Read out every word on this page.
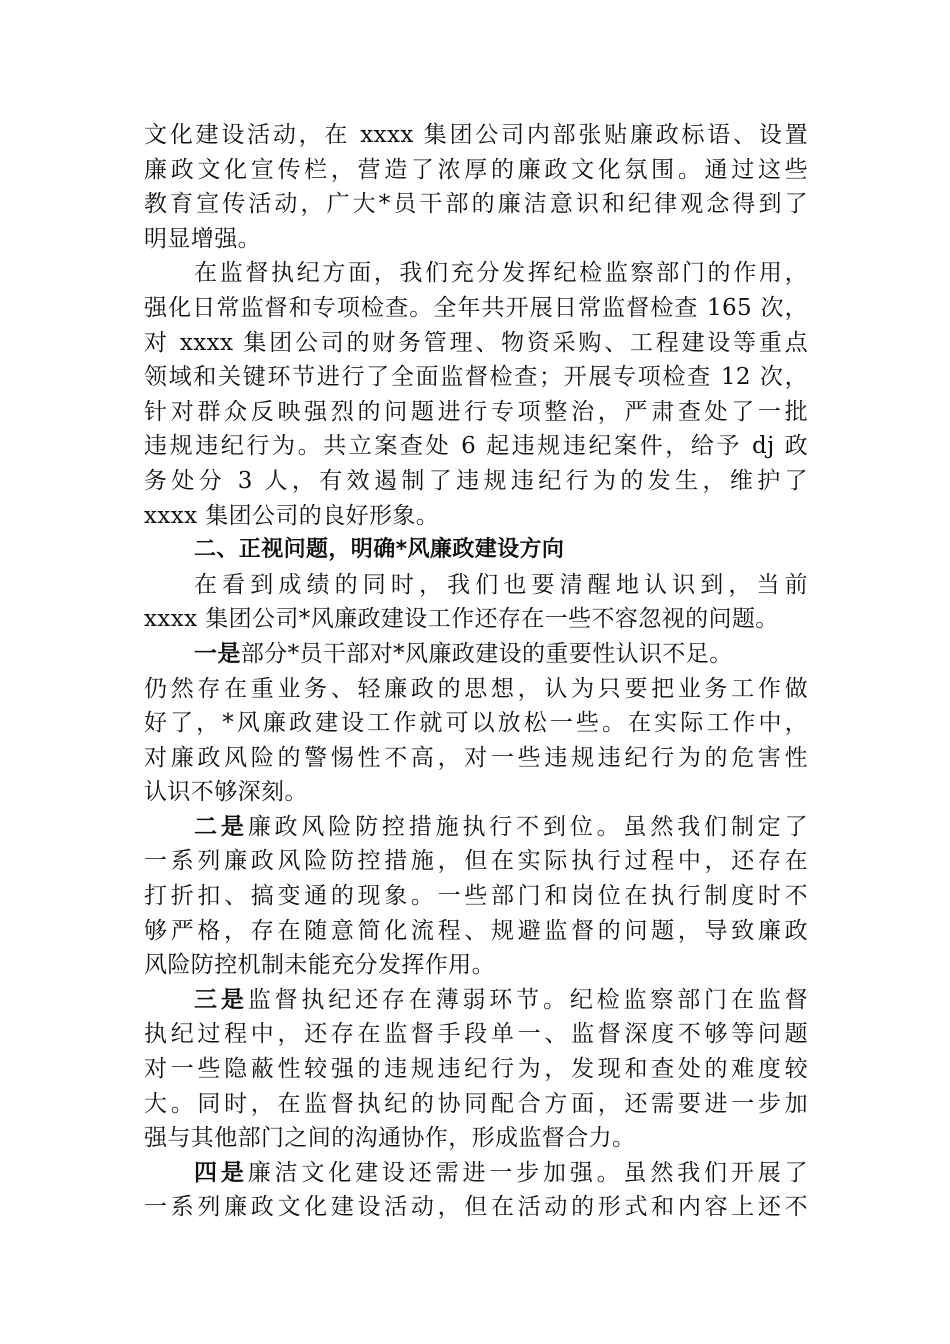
文化建设活动，在 xxxx 集团公司内部张贴廉政标语、设置
廉政文化宣传栏，营造了浓厚的廉政文化氛围。通过这些
教育宣传活动，广大*员干部的廉洁意识和纪律观念得到了
明显增强。
在监督执纪方面，我们充分发挥纪检监察部门的作用，
强化日常监督和专项检查。全年共开展日常监督检查 165 次，
对 xxxx 集团公司的财务管理、物资采购、工程建设等重点
领域和关键环节进行了全面监督检查；开展专项检查 12 次，
针对群众反映强烈的问题进行专项整治，严肃查处了一批
违规违纪行为。共立案查处 6 起违规违纪案件，给予 dj 政
务处分 3 人，有效遏制了违规违纪行为的发生，维护了
xxxx 集团公司的良好形象。
二、正视问题，明确*风廉政建设方向
在看到成绩的同时，我们也要清醒地认识到，当前
xxxx 集团公司*风廉政建设工作还存在一些不容忽视的问题。
一是部分*员干部对*风廉政建设的重要性认识不足。
仍然存在重业务、轻廉政的思想，认为只要把业务工作做
好了，*风廉政建设工作就可以放松一些。在实际工作中，
对廉政风险的警惕性不高，对一些违规违纪行为的危害性
认识不够深刻。
二是廉政风险防控措施执行不到位。虽然我们制定了
一系列廉政风险防控措施，但在实际执行过程中，还存在
打折扣、搞变通的现象。一些部门和岗位在执行制度时不
够严格，存在随意简化流程、规避监督的问题，导致廉政
风险防控机制未能充分发挥作用。
三是监督执纪还存在薄弱环节。纪检监察部门在监督
执纪过程中，还存在监督手段单一、监督深度不够等问题
对一些隐蔽性较强的违规违纪行为，发现和查处的难度较
大。同时，在监督执纪的协同配合方面，还需要进一步加
强与其他部门之间的沟通协作，形成监督合力。
四是廉洁文化建设还需进一步加强。虽然我们开展了
一系列廉政文化建设活动，但在活动的形式和内容上还不
